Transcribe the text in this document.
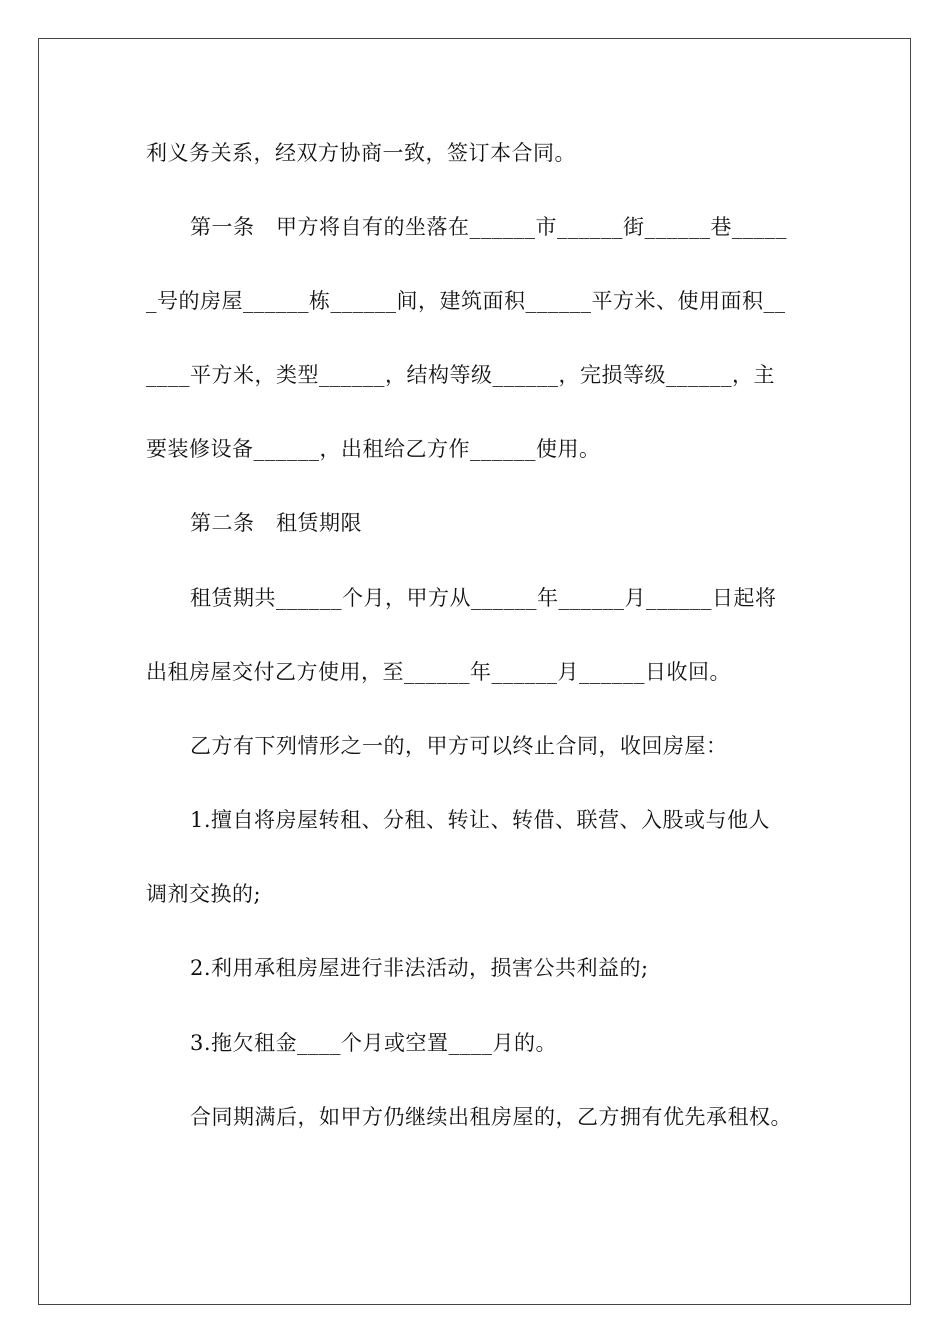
利义务关系，经双方协商一致，签订本合同。
第一条　甲方将自有的坐落在______市______街______巷_____
_号的房屋______栋______间，建筑面积______平方米、使用面积__
____平方米，类型______，结构等级______，完损等级______，主
要装修设备______，出租给乙方作______使用。
第二条　租赁期限
租赁期共______个月，甲方从______年______月______日起将
出租房屋交付乙方使用，至______年______月______日收回。
乙方有下列情形之一的，甲方可以终止合同，收回房屋：
1.擅自将房屋转租、分租、转让、转借、联营、入股或与他人
调剂交换的;
2.利用承租房屋进行非法活动，损害公共利益的;
3.拖欠租金____个月或空置____月的。
合同期满后，如甲方仍继续出租房屋的，乙方拥有优先承租权。
